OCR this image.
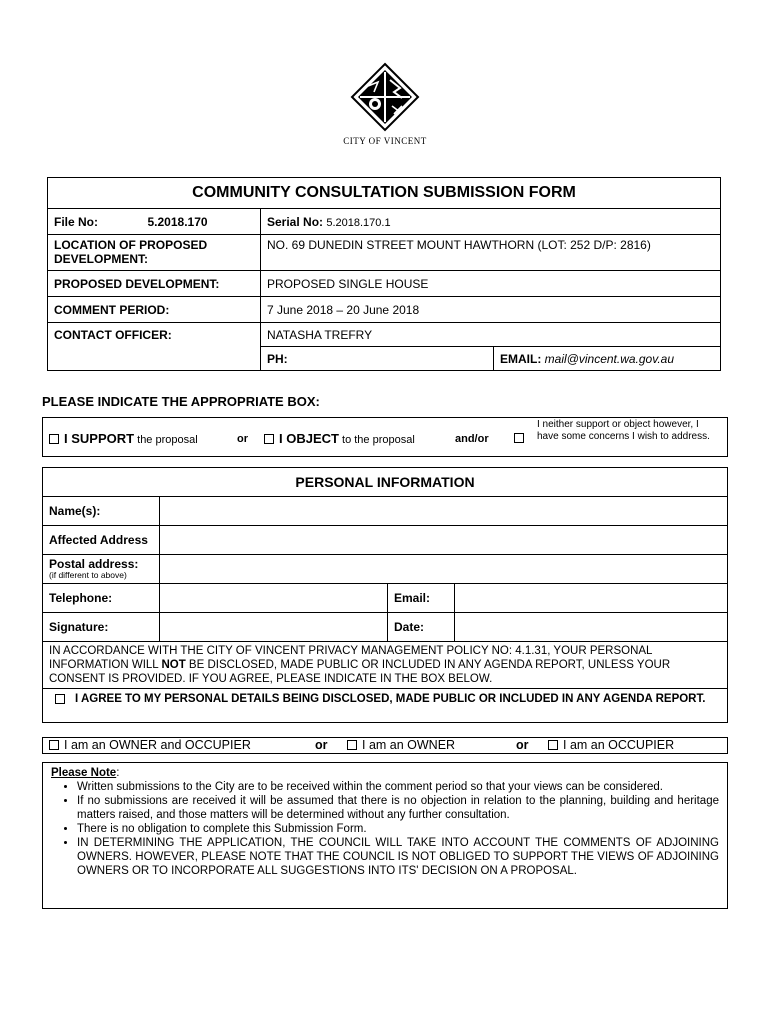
CITY OF VINCENT
COMMUNITY CONSULTATION SUBMISSION FORM		
File No: 5.2018.170	Serial No: 5.2018.170.1	
LOCATION OF PROPOSED DEVELOPMENT:	NO. 69 DUNEDIN STREET MOUNT HAWTHORN (LOT: 252 D/P: 2816)	
PROPOSED DEVELOPMENT:	PROPOSED SINGLE HOUSE	
COMMENT PERIOD:	7 June 2018 – 20 June 2018	
CONTACT OFFICER:	NATASHA TREFRY	
	PH:	EMAIL: mail@vincent.wa.gov.au
PLEASE INDICATE THE APPROPRIATE BOX:
I SUPPORT the proposal	or	I OBJECT to the proposal	and/or
I neither support or object however, I have some concerns I wish to address.
PERSONAL INFORMATION			
Name(s):			
Affected Address			

Postal address:
(if different to above)			

Telephone:		Email:	
Signature:		Date:	
IN ACCORDANCE WITH THE CITY OF VINCENT PRIVACY MANAGEMENT POLICY NO: 4.1.31, YOUR PERSONAL INFORMATION WILL NOT BE DISCLOSED, MADE PUBLIC OR INCLUDED IN ANY AGENDA REPORT, UNLESS YOUR CONSENT IS PROVIDED. IF YOU AGREE, PLEASE INDICATE IN THE BOX BELOW.			

I AGREE TO MY PERSONAL DETAILS BEING DISCLOSED, MADE PUBLIC OR INCLUDED IN ANY AGENDA REPORT.			
I am an OWNER and OCCUPIER	or	I am an OWNER	or	I am an OCCUPIER
Please Note:
• Written submissions to the City are to be received within the comment period so that your views can be considered.
• If no submissions are received it will be assumed that there is no objection in relation to the planning, building and heritage matters raised, and those matters will be determined without any further consultation.
• There is no obligation to complete this Submission Form.
• IN DETERMINING THE APPLICATION, THE COUNCIL WILL TAKE INTO ACCOUNT THE COMMENTS OF ADJOINING OWNERS. HOWEVER, PLEASE NOTE THAT THE COUNCIL IS NOT OBLIGED TO SUPPORT THE VIEWS OF ADJOINING OWNERS OR TO INCORPORATE ALL SUGGESTIONS INTO ITS' DECISION ON A PROPOSAL.
